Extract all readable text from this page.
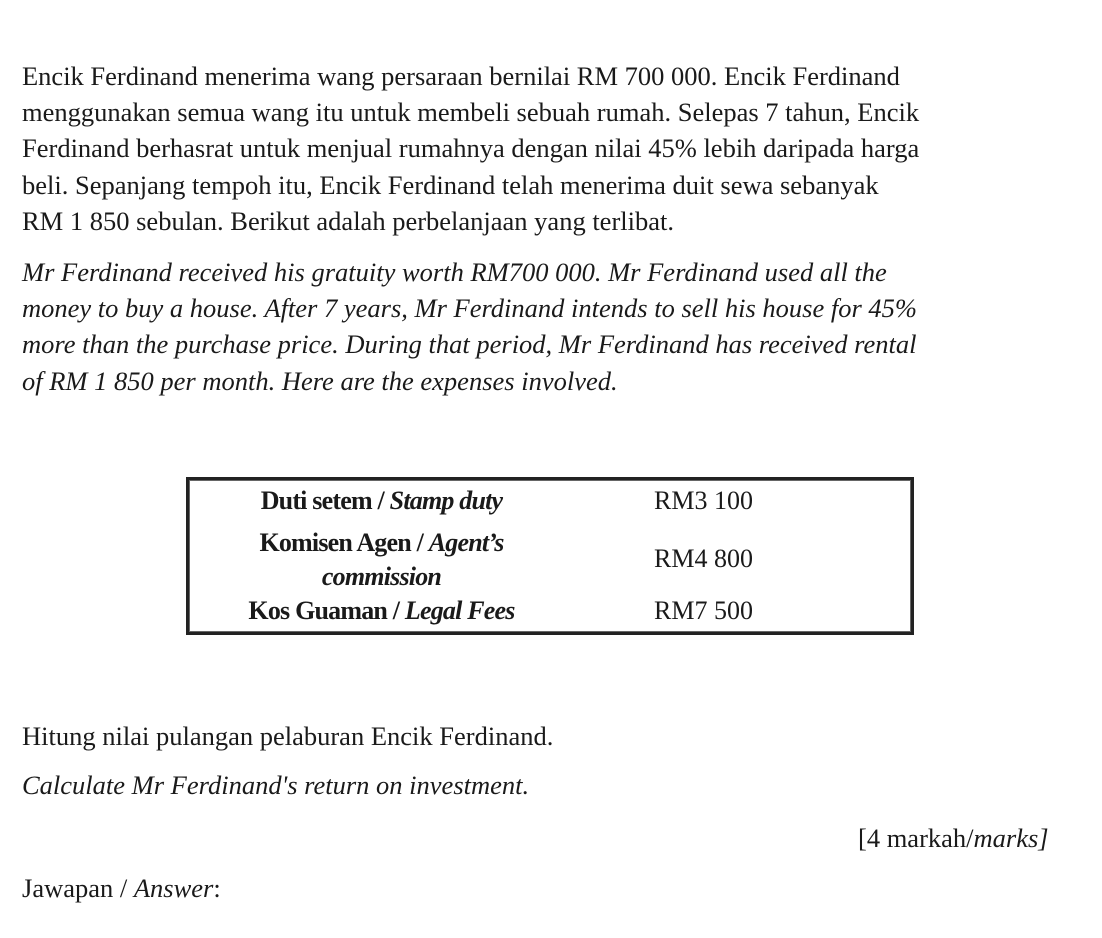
Encik Ferdinand menerima wang persaraan bernilai RM 700 000. Encik Ferdinand
menggunakan semua wang itu untuk membeli sebuah rumah. Selepas 7 tahun, Encik
Ferdinand berhasrat untuk menjual rumahnya dengan nilai 45% lebih daripada harga
beli. Sepanjang tempoh itu, Encik Ferdinand telah menerima duit sewa sebanyak
RM 1 850 sebulan. Berikut adalah perbelanjaan yang terlibat.
Mr Ferdinand received his gratuity worth RM700 000. Mr Ferdinand used all the
money to buy a house. After 7 years, Mr Ferdinand intends to sell his house for 45%
more than the purchase price. During that period, Mr Ferdinand has received rental
of RM 1 850 per month. Here are the expenses involved.
Duti setem / Stamp duty	RM3 100
Komisen Agen / Agent’s
commission
RM4 800
Kos Guaman / Legal Fees	RM7 500

Hitung nilai pulangan pelaburan Encik Ferdinand.

Calculate Mr Ferdinand's return on investment.

[4 markah/marks]

Jawapan / Answer:
